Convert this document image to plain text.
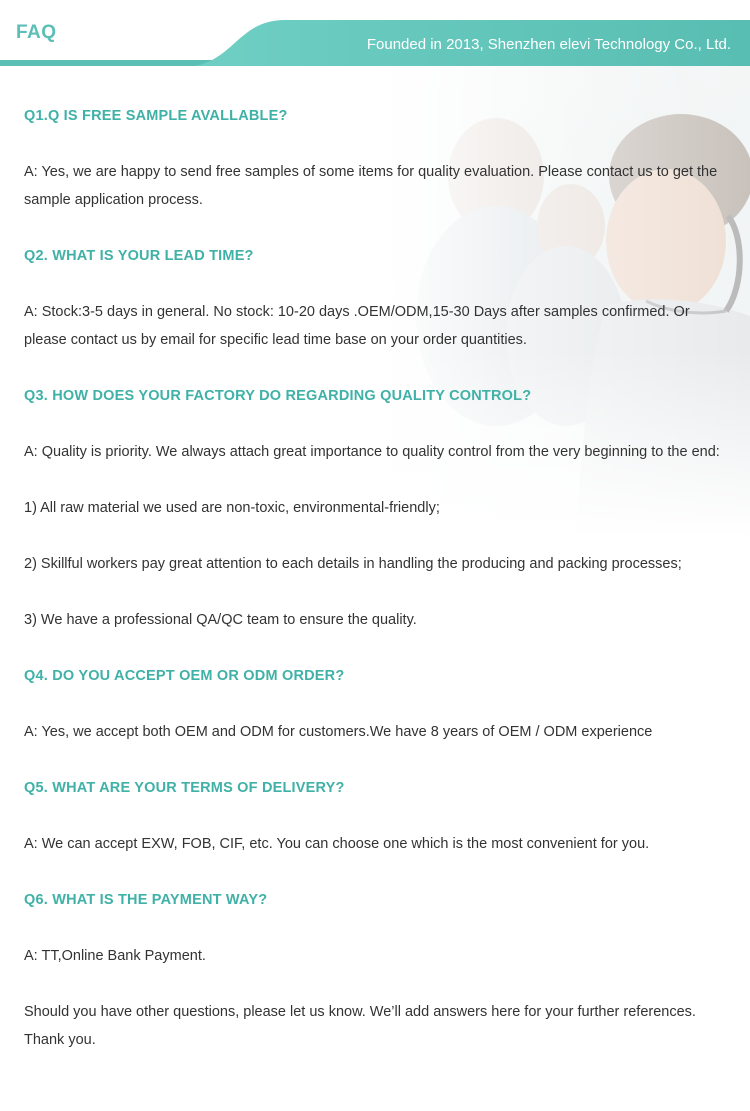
FAQ
Founded in 2013, Shenzhen elevi Technology Co., Ltd.
Q1.Q IS FREE SAMPLE AVALLABLE?
A: Yes, we are happy to send free samples of some items for quality evaluation. Please contact us to get the sample application process.
Q2. WHAT IS YOUR LEAD TIME?
A: Stock:3-5 days in general. No stock: 10-20 days .OEM/ODM,15-30 Days after samples confirmed. Or please contact us by email for specific lead time base on your order quantities.
Q3. HOW DOES YOUR FACTORY DO REGARDING QUALITY CONTROL?
A: Quality is priority. We always attach great importance to quality control from the very beginning to the end:
1) All raw material we used are non-toxic, environmental-friendly;
2) Skillful workers pay great attention to each details in handling the producing and packing processes;
3) We have a professional QA/QC team to ensure the quality.
Q4. DO YOU ACCEPT OEM OR ODM ORDER?
A: Yes, we accept both OEM and ODM for customers.We have 8 years of OEM / ODM experience
Q5. WHAT ARE YOUR TERMS OF DELIVERY?
A: We can accept EXW, FOB, CIF, etc. You can choose one which is the most convenient for you.
Q6. WHAT IS THE PAYMENT WAY?
A: TT,Online Bank Payment.
Should you have other questions, please let us know. We’ll add answers here for your further references. Thank you.
